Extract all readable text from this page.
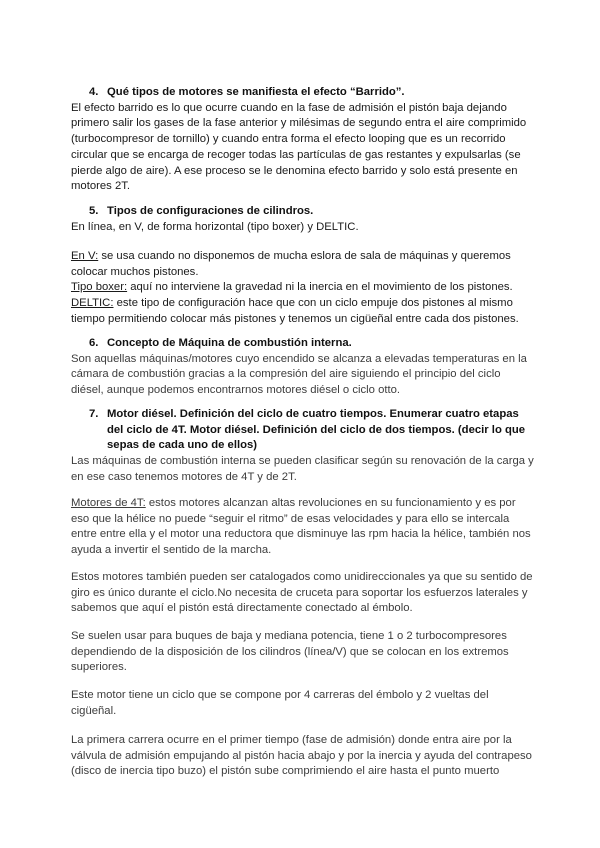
4. Qué tipos de motores se manifiesta el efecto “Barrido”.
El efecto barrido es lo que ocurre cuando en la fase de admisión el pistón baja dejando
primero salir los gases de la fase anterior y milésimas de segundo entra el aire comprimido
(turbocompresor de tornillo) y cuando entra forma el efecto looping que es un recorrido
circular que se encarga de recoger todas las partículas de gas restantes y expulsarlas (se
pierde algo de aire). A ese proceso se le denomina efecto barrido y solo está presente en
motores 2T.
5. Tipos de configuraciones de cilindros.
En línea, en V, de forma horizontal (tipo boxer) y DELTIC.
En V: se usa cuando no disponemos de mucha eslora de sala de máquinas y queremos
colocar muchos pistones.
Tipo boxer: aquí no interviene la gravedad ni la inercia en el movimiento de los pistones.
DELTIC: este tipo de configuración hace que con un ciclo empuje dos pistones al mismo
tiempo permitiendo colocar más pistones y tenemos un cigüeñal entre cada dos pistones.
6. Concepto de Máquina de combustión interna.
Son aquellas máquinas/motores cuyo encendido se alcanza a elevadas temperaturas en la
cámara de combustión gracias a la compresión del aire siguiendo el principio del ciclo
diésel, aunque podemos encontrarnos motores diésel o ciclo otto.
7. Motor diésel. Definición del ciclo de cuatro tiempos. Enumerar cuatro etapas
del ciclo de 4T. Motor diésel. Definición del ciclo de dos tiempos. (decir lo que
sepas de cada uno de ellos)
Las máquinas de combustión interna se pueden clasificar según su renovación de la carga y
en ese caso tenemos motores de 4T y de 2T.
Motores de 4T: estos motores alcanzan altas revoluciones en su funcionamiento y es por
eso que la hélice no puede “seguir el ritmo” de esas velocidades y para ello se intercala
entre entre ella y el motor una reductora que disminuye las rpm hacia la hélice, también nos
ayuda a invertir el sentido de la marcha.
Estos motores también pueden ser catalogados como unidireccionales ya que su sentido de
giro es único durante el ciclo.No necesita de cruceta para soportar los esfuerzos laterales y
sabemos que aquí el pistón está directamente conectado al émbolo.
Se suelen usar para buques de baja y mediana potencia, tiene 1 o 2 turbocompresores
dependiendo de la disposición de los cilindros (línea/V) que se colocan en los extremos
superiores.
Este motor tiene un ciclo que se compone por 4 carreras del émbolo y 2 vueltas del
cigüeñal.
La primera carrera ocurre en el primer tiempo (fase de admisión) donde entra aire por la
válvula de admisión empujando al pistón hacia abajo y por la inercia y ayuda del contrapeso
(disco de inercia tipo buzo) el pistón sube comprimiendo el aire hasta el punto muerto
